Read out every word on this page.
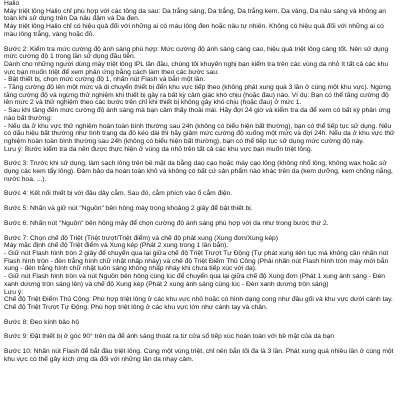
Halio

Máy triệt lông Halio chỉ phù hợp với các tông da sau: Da trắng sáng, Da trắng, Da trắng kem, Da vàng, Da nâu sáng và không an toàn khi sử dụng trên Da nâu đậm và Da đen.

Máy triệt lông Halio chỉ có hiệu quả đối với những ai có màu lông đen hoặc nâu tự nhiên. Không có hiệu quả đối với những ai có màu lông trắng, vàng hoặc đỏ.

Bước 2: Kiểm tra mức cường độ ánh sáng phù hợp: Mức cường độ ánh sáng càng cao, hiệu quả triệt lông càng tốt. Nên sử dụng mức cường độ 1 trong lần sử dụng đầu tiên.

Dành cho những người dùng máy triệt lông IPL lần đầu, chúng tôi khuyến nghị bạn kiểm tra trên các vùng da nhỏ ít tất cả các khu vực bạn muốn triệt để xem phản ứng bằng cách làm theo các bước sau:

- Bật thiết bị, chọn mức cường độ 1, nhấn nút Flash và bắn một lần.

- Tăng cường độ lên một mức và di chuyển thiết bị đến khu vực tiếp theo (không phát xung quá 3 lần ở cùng một khu vực). Ngừng tăng cường độ và ngừng thử nghiệm khi thiết bị gây ra bất kỳ cảm giác khó chịu (hoặc đau) nào. Ví dụ: Bạn có thể tăng cường độ lên mức 2 và thử nghiệm theo các bước trên chỉ khi thiết bị không gây khó chịu (hoặc đau) ở mức 1.

- Sau khi tăng đến mức cường độ ánh sáng mà bạn cảm thấy thoải mái. Hãy đợi 24 giờ và kiểm tra da để xem có bất kỳ phản ứng nào bất thường:

- Nếu da ở khu vực thử nghiệm hoàn toàn bình thường sau 24h (không có biểu hiện bất thường), bạn có thể tiếp tục sử dụng. Nếu có dấu hiệu bất thường như tình trạng da đỏ kéo dài thì hãy giảm mức cường độ xuống một mức và đợi 24h. Nếu da ở khu vực thử nghiệm hoàn toàn bình thường sau 24h (không có biểu hiện bất thường), bạn có thể tiếp tục sử dụng mức cường độ này.

Lưu ý: Bước kiểm tra da nên được thực hiện ở vùng da nhỏ trên tất cả các khu vực bạn muốn triệt lông.

Bước 3: Trước khi sử dụng, làm sạch lông trên bề mặt da bằng dao cạo hoặc máy cạo lông (không nhổ lông, không wax hoặc sử dụng các kem tẩy lông). Đảm bảo da hoàn toàn khô và không có bất cứ sản phẩm nào khác trên da (kem dưỡng, kem chống nắng, nước hoa, ...).

Bước 4: Kết nối thiết bị với đầu dây cắm. Sau đó, cắm phích vào ổ cắm điện.

Bước 5: Nhấn và giữ nút "Nguồn" bên hông máy trong khoảng 2 giây để bật thiết bị.

Bước 6: Nhấn nút "Nguồn" bên hông máy để chọn cường độ ánh sáng phù hợp với da như trong bước thứ 2.

Bước 7: Chọn chế độ Triệt (Triệt trượt/Triệt điểm) và chế độ phát xung (Xung đơn/Xung kép)

Máy mặc định chế độ Triệt điểm và Xung kép (Phát 2 xung trong 1 lần bắn).

- Giữ nút Flash hình tròn 2 giây để chuyển qua lại giữa chế độ Triệt Trượt Tự Động (Tự phát xung liên tục mà không cần nhấn nút Flash hình tròn - đèn trắng hình chữ nhật nhấp nháy) và chế độ Triệt Điểm Thủ Công (Phải nhấn nút Flash hình tròn mày mới bắn xung - đèn trắng hình chữ nhật luôn sáng không nhấp nháy khi chưa tiếp xúc với da).

- Giữ nút Flash hình tròn và nút Nguồn bên hông cùng lúc để chuyển qua lại giữa chế độ Xung đơn (Phát 1 xung ánh sáng - Đèn xanh dương tròn sáng lên) và chế độ Xung kép (Phát 2 xung ánh sáng cùng lúc - Đèn xanh dương tròn sáng)

Lưu ý:

Chế độ Triệt Điểm Thủ Công: Phù hợp triệt lông ở các khu vực nhỏ hoặc có hình dạng cong như đầu gối và khu vực dưới cánh tay.

Chế độ Triệt Trượt Tự Động: Phù hợp triệt lông ở các khu vực lớn như cánh tay và chân.

Bước 8: Đeo kính bảo hộ

Bước 9: Đặt thiết bị ở góc 90° trên da để ánh sáng thoát ra từ cửa sổ tiếp xúc hoàn toàn với bề mặt của da bạn

Bước 10: Nhấn nút Flash để bắt đầu triệt lông. Cùng một vùng triệt, chỉ nên bắn tối đa là 3 lần. Phát xung quá nhiều lần ở cùng một khu vực có thể gây kích ứng da đối với những lần da nhạy cảm.
